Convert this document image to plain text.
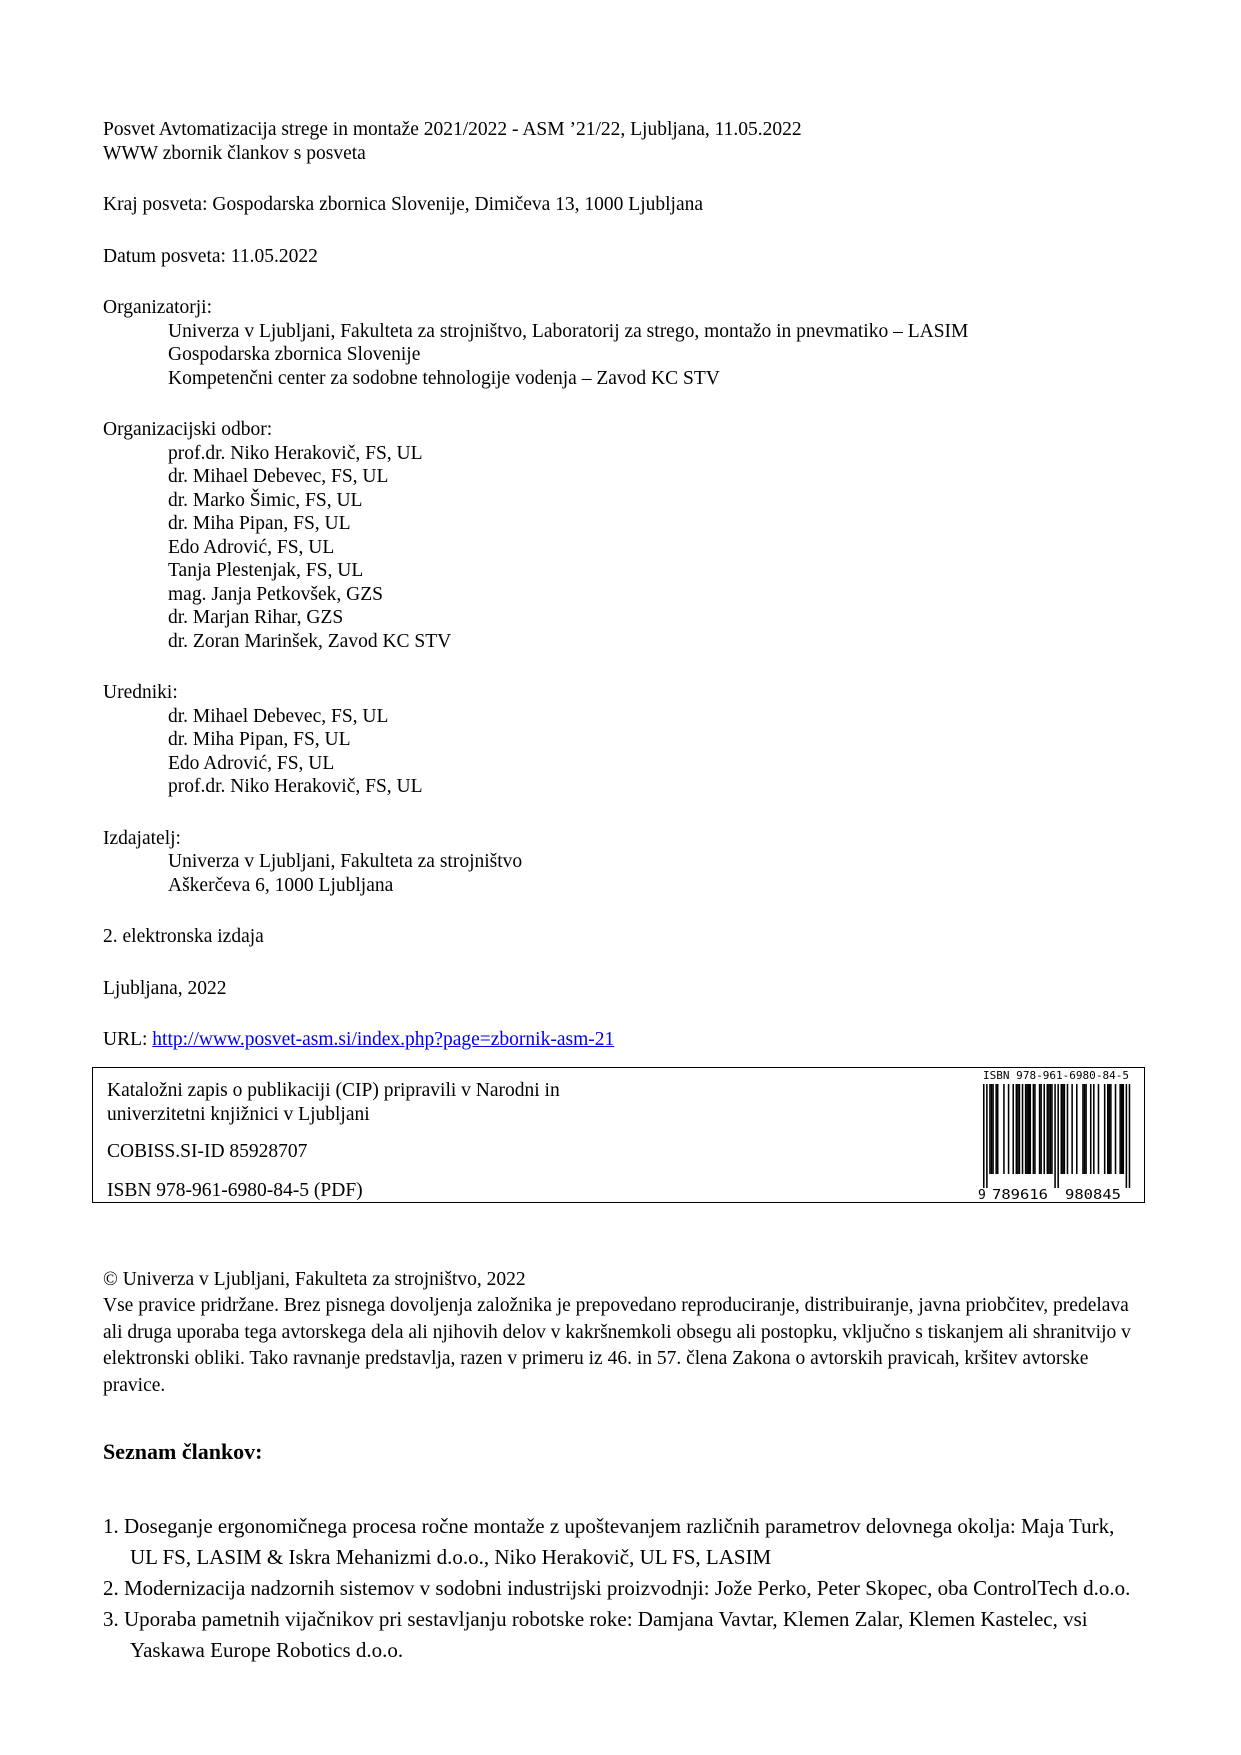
Posvet Avtomatizacija strege in montaže 2021/2022 - ASM ’21/22, Ljubljana, 11.05.2022
WWW zbornik člankov s posveta
Kraj posveta: Gospodarska zbornica Slovenije, Dimičeva 13, 1000 Ljubljana
Datum posveta: 11.05.2022
Organizatorji:
Univerza v Ljubljani, Fakulteta za strojništvo, Laboratorij za strego, montažo in pnevmatiko – LASIM
Gospodarska zbornica Slovenije
Kompetenčni center za sodobne tehnologije vodenja – Zavod KC STV
Organizacijski odbor:
prof.dr. Niko Herakovič, FS, UL
dr. Mihael Debevec, FS, UL
dr. Marko Šimic, FS, UL
dr. Miha Pipan, FS, UL
Edo Adrović, FS, UL
Tanja Plestenjak, FS, UL
mag. Janja Petkovšek, GZS
dr. Marjan Rihar, GZS
dr. Zoran Marinšek, Zavod KC STV
Uredniki:
dr. Mihael Debevec, FS, UL
dr. Miha Pipan, FS, UL
Edo Adrović, FS, UL
prof.dr. Niko Herakovič, FS, UL
Izdajatelj:
Univerza v Ljubljani, Fakulteta za strojništvo
Aškerčeva 6, 1000 Ljubljana
2. elektronska izdaja
Ljubljana, 2022
URL: http://www.posvet-asm.si/index.php?page=zbornik-asm-21
Kataložni zapis o publikaciji (CIP) pripravili v Narodni in univerzitetni knjižnici v Ljubljani
COBISS.SI-ID 85928707
ISBN 978-961-6980-84-5 (PDF)
ISBN 978-961-6980-84-5
9 789616 980845
© Univerza v Ljubljani, Fakulteta za strojništvo, 2022
Vse pravice pridržane. Brez pisnega dovoljenja založnika je prepovedano reproduciranje, distribuiranje, javna priobčitev, predelava ali druga uporaba tega avtorskega dela ali njihovih delov v kakršnemkoli obsegu ali postopku, vključno s tiskanjem ali shranitvijo v elektronski obliki. Tako ravnanje predstavlja, razen v primeru iz 46. in 57. člena Zakona o avtorskih pravicah, kršitev avtorske pravice.
Seznam člankov:
1. Doseganje ergonomičnega procesa ročne montaže z upoštevanjem različnih parametrov delovnega okolja: Maja Turk, UL FS, LASIM & Iskra Mehanizmi d.o.o., Niko Herakovič, UL FS, LASIM
2. Modernizacija nadzornih sistemov v sodobni industrijski proizvodnji: Jože Perko, Peter Skopec, oba ControlTech d.o.o.
3. Uporaba pametnih vijačnikov pri sestavljanju robotske roke: Damjana Vavtar, Klemen Zalar, Klemen Kastelec, vsi Yaskawa Europe Robotics d.o.o.
